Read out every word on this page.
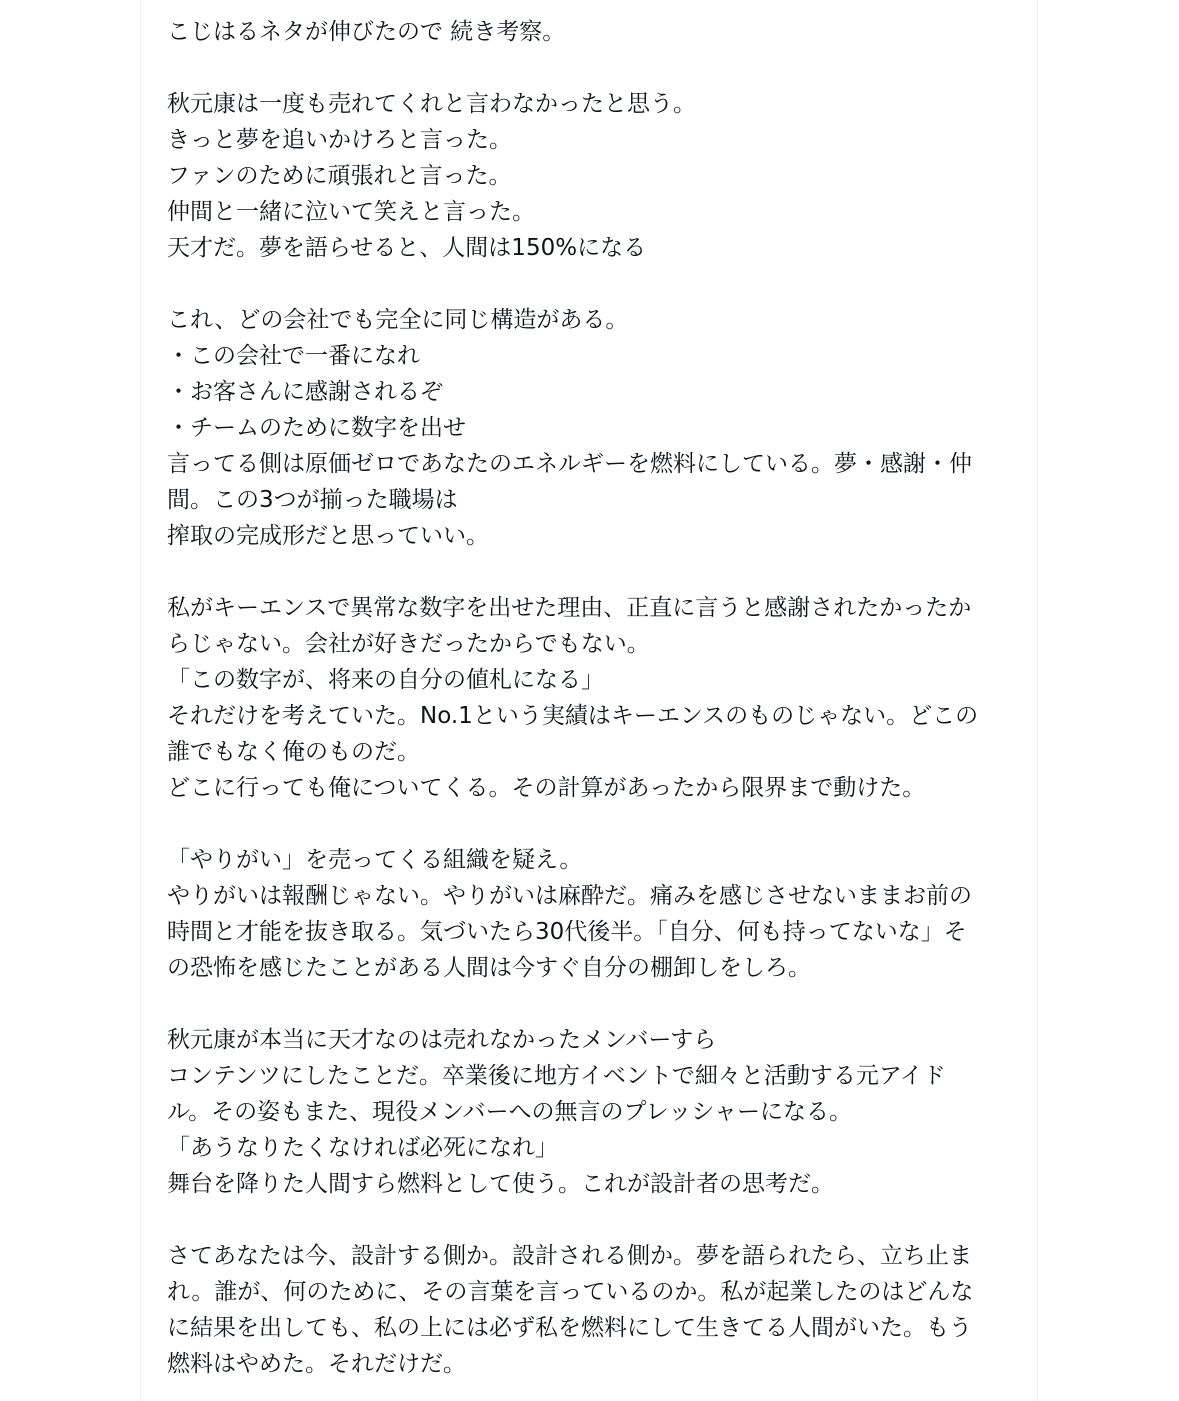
こじはるネタが伸びたので 続き考察。
秋元康は一度も売れてくれと言わなかったと思う。
きっと夢を追いかけろと言った。
ファンのために頑張れと言った。
仲間と一緒に泣いて笑えと言った。
天才だ。夢を語らせると、人間は150%になる
これ、どの会社でも完全に同じ構造がある。
・この会社で一番になれ
・お客さんに感謝されるぞ
・チームのために数字を出せ
言ってる側は原価ゼロであなたのエネルギーを燃料にしている。夢・感謝・仲
間。この3つが揃った職場は
搾取の完成形だと思っていい。
私がキーエンスで異常な数字を出せた理由、正直に言うと感謝されたかったか
らじゃない。会社が好きだったからでもない。
「この数字が、将来の自分の値札になる」
それだけを考えていた。No.1という実績はキーエンスのものじゃない。どこの
誰でもなく俺のものだ。
どこに行っても俺についてくる。その計算があったから限界まで動けた。
「やりがい」を売ってくる組織を疑え。
やりがいは報酬じゃない。やりがいは麻酔だ。痛みを感じさせないままお前の
時間と才能を抜き取る。気づいたら30代後半。「自分、何も持ってないな」そ
の恐怖を感じたことがある人間は今すぐ自分の棚卸しをしろ。
秋元康が本当に天才なのは売れなかったメンバーすら
コンテンツにしたことだ。卒業後に地方イベントで細々と活動する元アイド
ル。その姿もまた、現役メンバーへの無言のプレッシャーになる。
「あうなりたくなければ必死になれ」
舞台を降りた人間すら燃料として使う。これが設計者の思考だ。
さてあなたは今、設計する側か。設計される側か。夢を語られたら、立ち止ま
れ。誰が、何のために、その言葉を言っているのか。私が起業したのはどんな
に結果を出しても、私の上には必ず私を燃料にして生きてる人間がいた。もう
燃料はやめた。それだけだ。
